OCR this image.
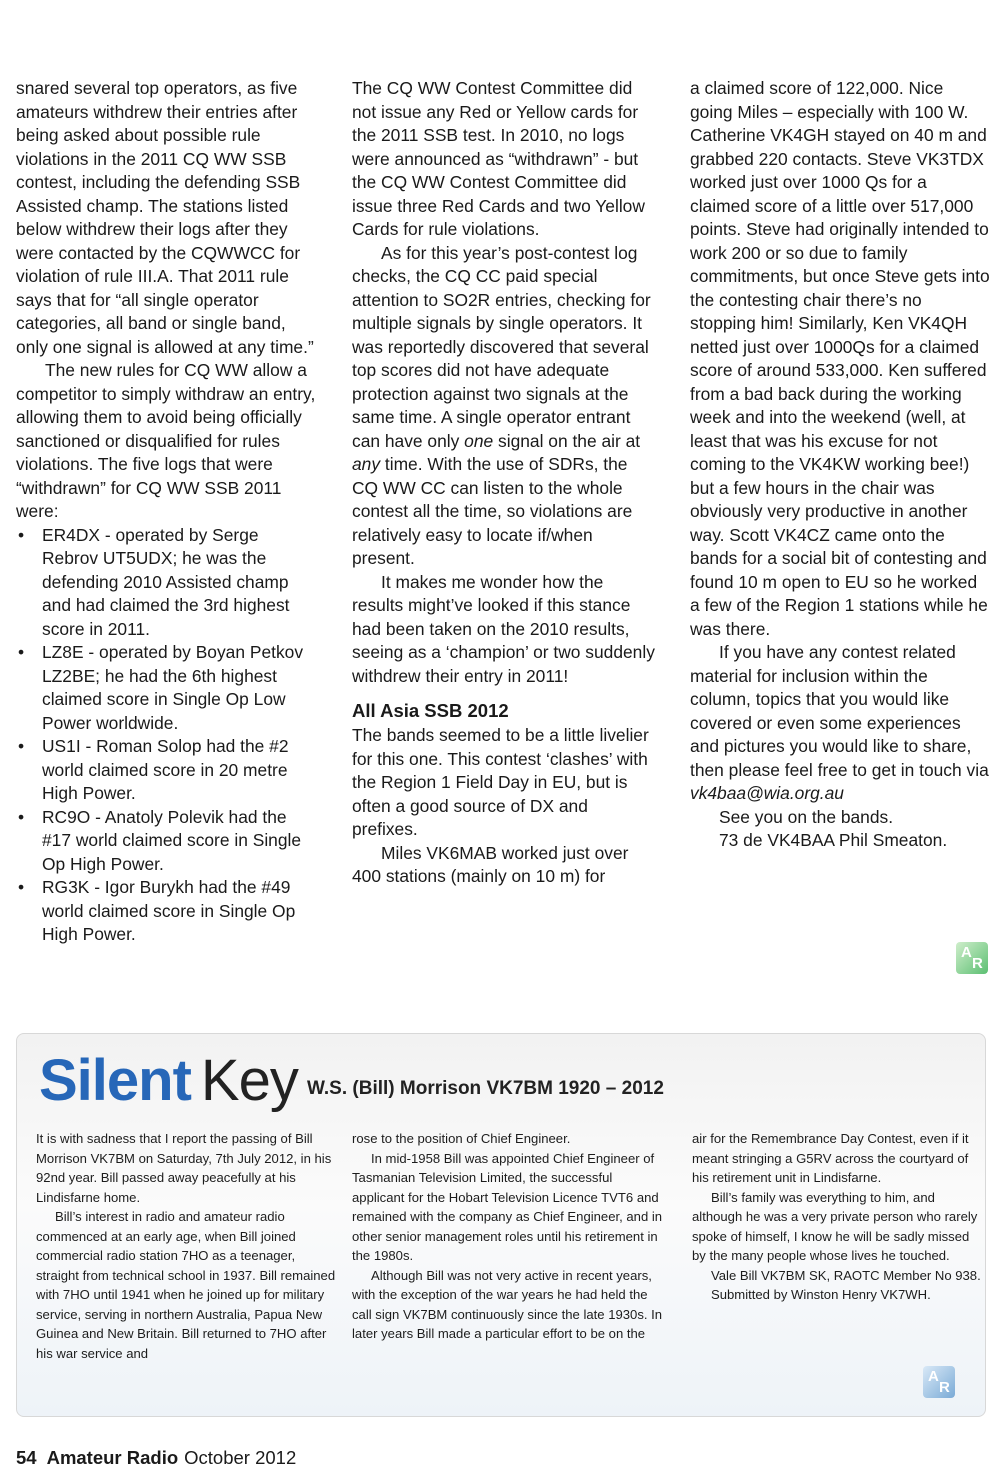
snared several top operators, as five amateurs withdrew their entries after being asked about possible rule violations in the 2011 CQ WW SSB contest, including the defending SSB Assisted champ. The stations listed below withdrew their logs after they were contacted by the CQWWCC for violation of rule III.A. That 2011 rule says that for “all single operator categories, all band or single band, only one signal is allowed at any time.”

The new rules for CQ WW allow a competitor to simply withdraw an entry, allowing them to avoid being officially sanctioned or disqualified for rules violations. The five logs that were “withdrawn” for CQ WW SSB 2011 were:

• ER4DX - operated by Serge Rebrov UT5UDX; he was the defending 2010 Assisted champ and had claimed the 3rd highest score in 2011.
• LZ8E - operated by Boyan Petkov LZ2BE; he had the 6th highest claimed score in Single Op Low Power worldwide.
• US1I - Roman Solop had the #2 world claimed score in 20 metre High Power.
• RC9O - Anatoly Polevik had the #17 world claimed score in Single Op High Power.
• RG3K - Igor Burykh had the #49 world claimed score in Single Op High Power.

The CQ WW Contest Committee did not issue any Red or Yellow cards for the 2011 SSB test. In 2010, no logs were announced as “withdrawn” - but the CQ WW Contest Committee did issue three Red Cards and two Yellow Cards for rule violations.

As for this year’s post-contest log checks, the CQ CC paid special attention to SO2R entries, checking for multiple signals by single operators. It was reportedly discovered that several top scores did not have adequate protection against two signals at the same time. A single operator entrant can have only one signal on the air at any time. With the use of SDRs, the CQ WW CC can listen to the whole contest all the time, so violations are relatively easy to locate if/when present.

It makes me wonder how the results might’ve looked if this stance had been taken on the 2010 results, seeing as a ‘champion’ or two suddenly withdrew their entry in 2011!

All Asia SSB 2012

The bands seemed to be a little livelier for this one. This contest ‘clashes’ with the Region 1 Field Day in EU, but is often a good source of DX and prefixes.

Miles VK6MAB worked just over 400 stations (mainly on 10 m) for

a claimed score of 122,000. Nice going Miles – especially with 100 W. Catherine VK4GH stayed on 40 m and grabbed 220 contacts. Steve VK3TDX worked just over 1000 Qs for a claimed score of a little over 517,000 points. Steve had originally intended to work 200 or so due to family commitments, but once Steve gets into the contesting chair there’s no stopping him! Similarly, Ken VK4QH netted just over 1000Qs for a claimed score of around 533,000. Ken suffered from a bad back during the working week and into the weekend (well, at least that was his excuse for not coming to the VK4KW working bee!) but a few hours in the chair was obviously very productive in another way. Scott VK4CZ came onto the bands for a social bit of contesting and found 10 m open to EU so he worked a few of the Region 1 stations while he was there.

If you have any contest related material for inclusion within the column, topics that you would like covered or even some experiences and pictures you would like to share, then please feel free to get in touch via vk4baa@wia.org.au

See you on the bands.

73 de VK4BAA Phil Smeaton.

A
R
Silent Key W.S. (Bill) Morrison VK7BM 1920 – 2012

It is with sadness that I report the passing of Bill Morrison VK7BM on Saturday, 7th July 2012, in his 92nd year. Bill passed away peacefully at his Lindisfarne home.

Bill’s interest in radio and amateur radio commenced at an early age, when Bill joined commercial radio station 7HO as a teenager, straight from technical school in 1937. Bill remained with 7HO until 1941 when he joined up for military service, serving in northern Australia, Papua New Guinea and New Britain. Bill returned to 7HO after his war service and

rose to the position of Chief Engineer.

In mid-1958 Bill was appointed Chief Engineer of Tasmanian Television Limited, the successful applicant for the Hobart Television Licence TVT6 and remained with the company as Chief Engineer, and in other senior management roles until his retirement in the 1980s.

Although Bill was not very active in recent years, with the exception of the war years he had held the call sign VK7BM continuously since the late 1930s. In later years Bill made a particular effort to be on the

air for the Remembrance Day Contest, even if it meant stringing a G5RV across the courtyard of his retirement unit in Lindisfarne.

Bill’s family was everything to him, and although he was a very private person who rarely spoke of himself, I know he will be sadly missed by the many people whose lives he touched.

Vale Bill VK7BM SK, RAOTC Member No 938.

Submitted by Winston Henry VK7WH.

A
R
54 Amateur Radio October 2012
